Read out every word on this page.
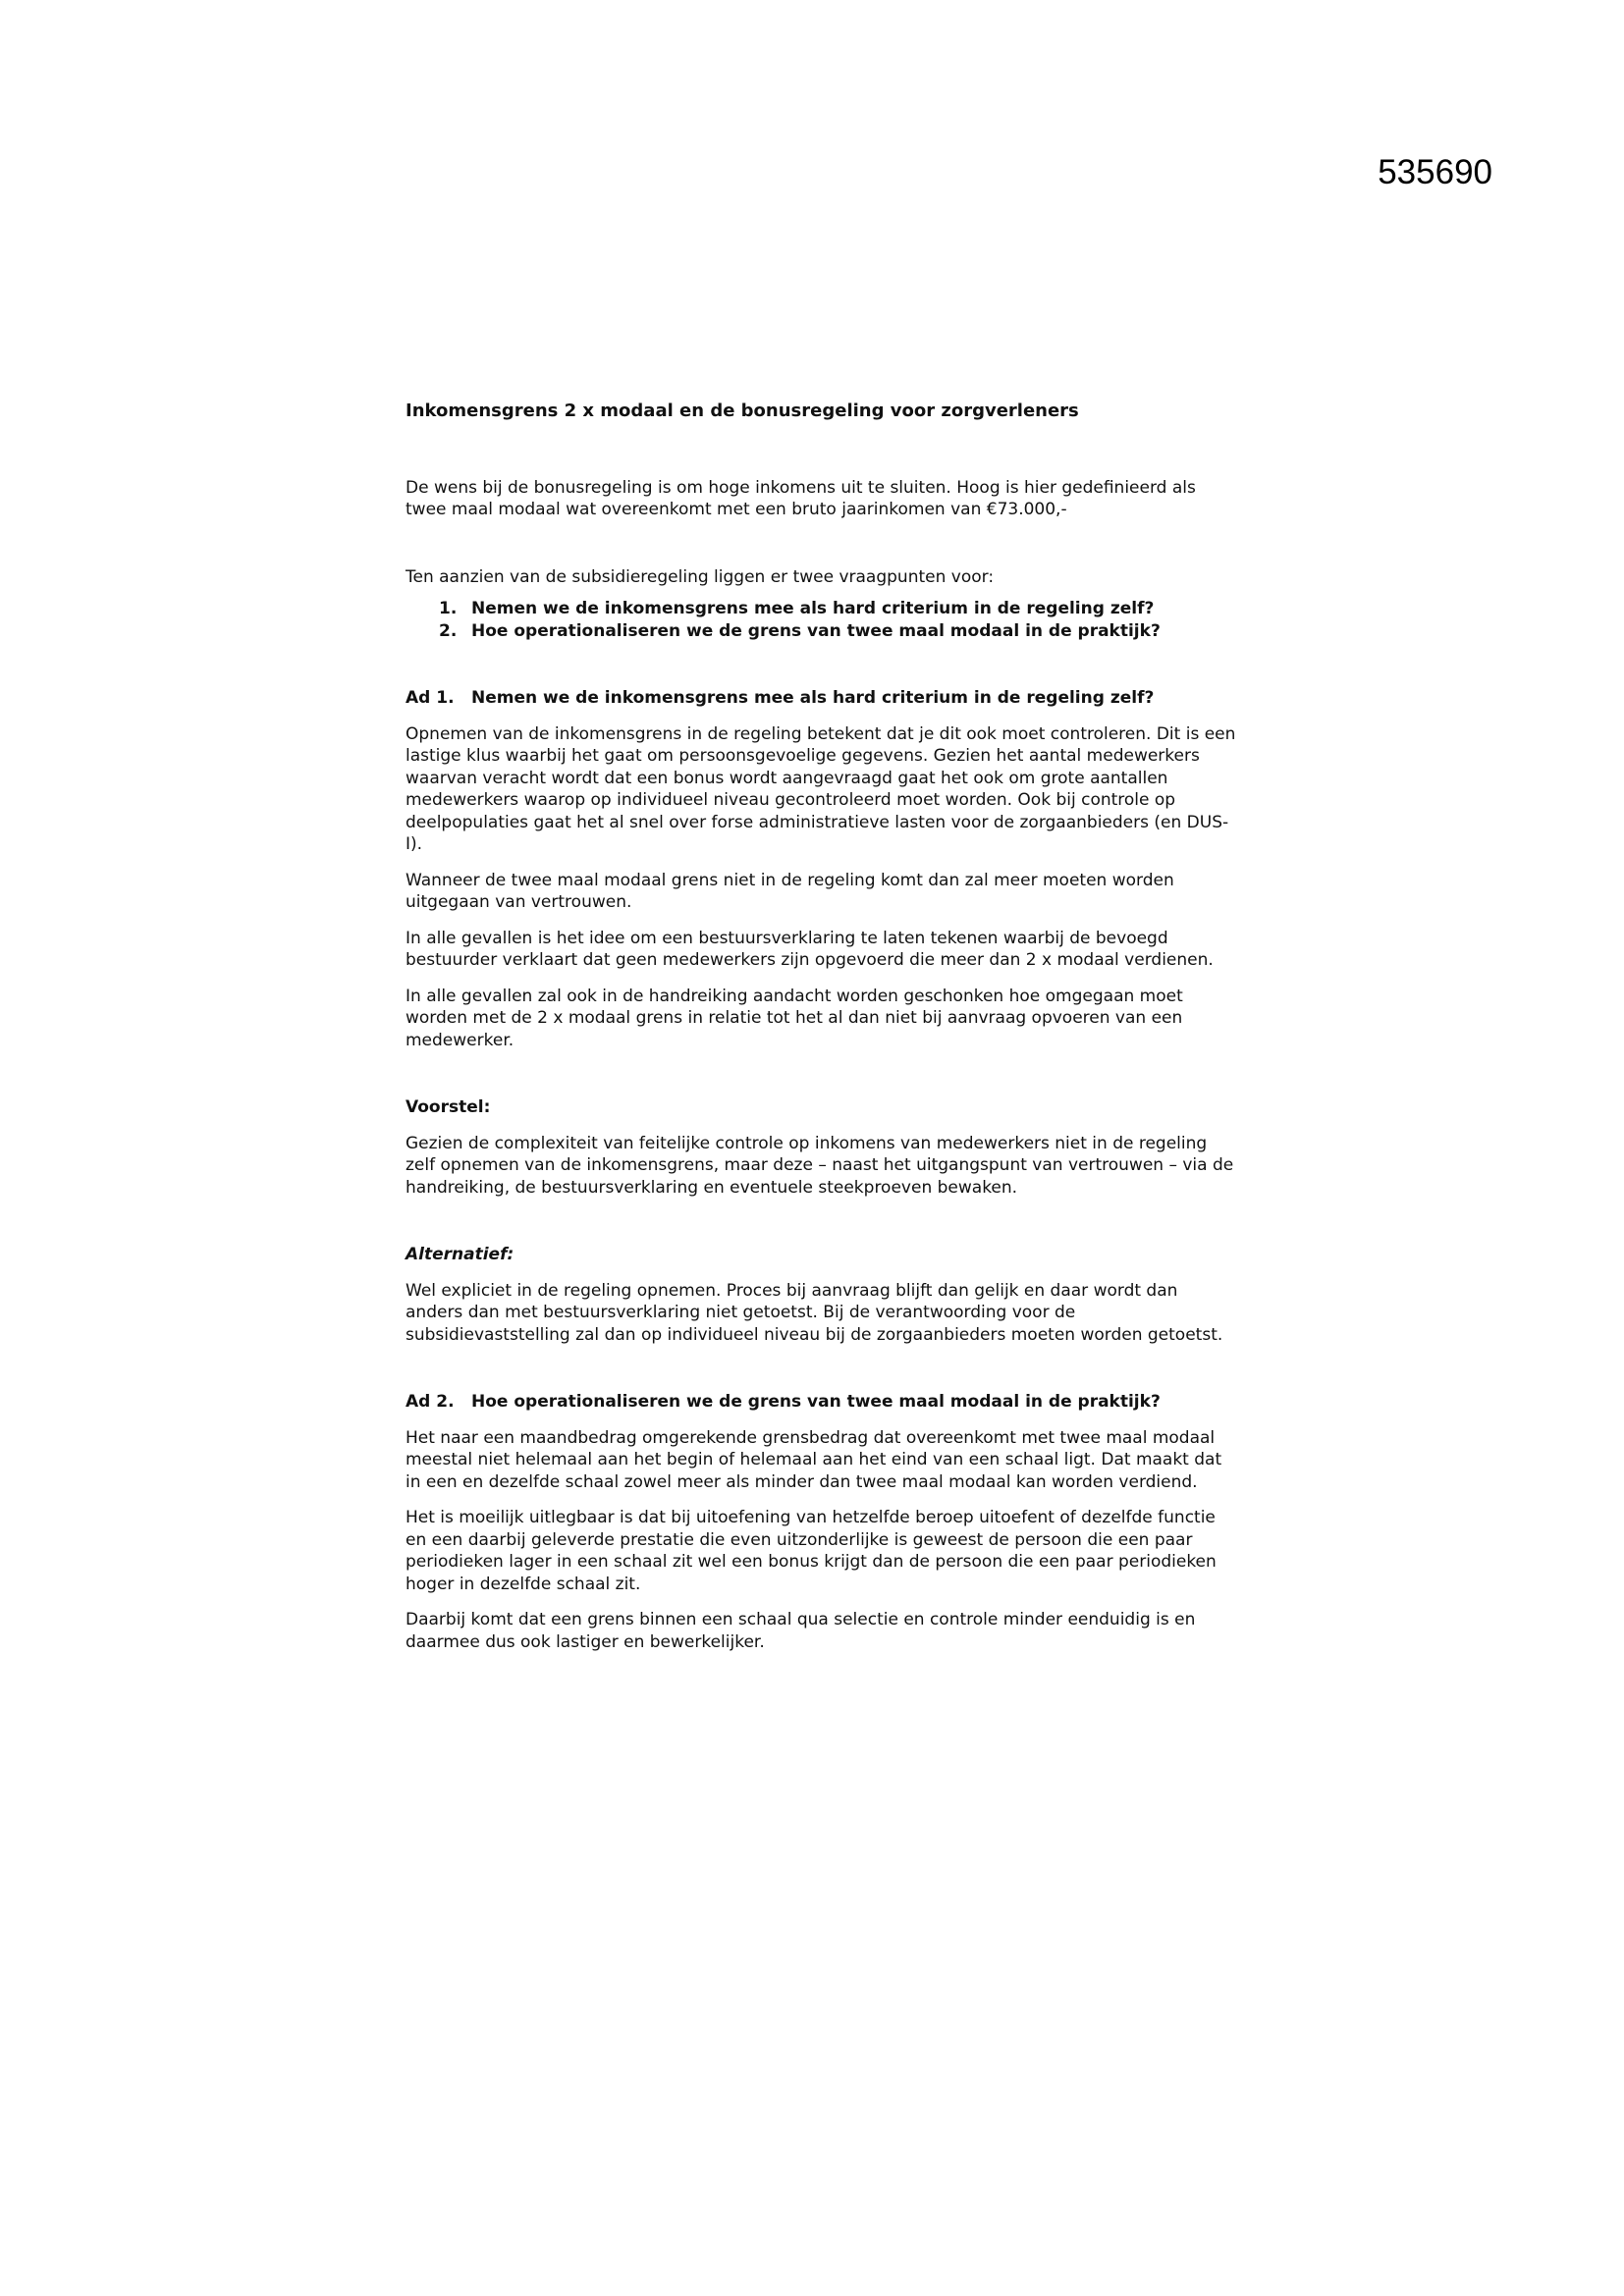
535690
Inkomensgrens 2 x modaal en de bonusregeling voor zorgverleners

De wens bij de bonusregeling is om hoge inkomens uit te sluiten. Hoog is hier gedefinieerd als twee maal modaal wat overeenkomt met een bruto jaarinkomen van €73.000,-

Ten aanzien van de subsidieregeling liggen er twee vraagpunten voor:

1. Nemen we de inkomensgrens mee als hard criterium in de regeling zelf?
2. Hoe operationaliseren we de grens van twee maal modaal in de praktijk?
Ad 1.	Nemen we de inkomensgrens mee als hard criterium in de regeling zelf?

Opnemen van de inkomensgrens in de regeling betekent dat je dit ook moet controleren. Dit is een lastige klus waarbij het gaat om persoonsgevoelige gegevens. Gezien het aantal medewerkers waarvan veracht wordt dat een bonus wordt aangevraagd gaat het ook om grote aantallen medewerkers waarop op individueel niveau gecontroleerd moet worden. Ook bij controle op deelpopulaties gaat het al snel over forse administratieve lasten voor de zorgaanbieders (en DUS-I).

Wanneer de twee maal modaal grens niet in de regeling komt dan zal meer moeten worden uitgegaan van vertrouwen.

In alle gevallen is het idee om een bestuursverklaring te laten tekenen waarbij de bevoegd bestuurder verklaart dat geen medewerkers zijn opgevoerd die meer dan 2 x modaal verdienen.

In alle gevallen zal ook in de handreiking aandacht worden geschonken hoe omgegaan moet worden met de 2 x modaal grens in relatie tot het al dan niet bij aanvraag opvoeren van een medewerker.

Voorstel:

Gezien de complexiteit van feitelijke controle op inkomens van medewerkers niet in de regeling zelf opnemen van de inkomensgrens, maar deze – naast het uitgangspunt van vertrouwen – via de handreiking, de bestuursverklaring en eventuele steekproeven bewaken.

Alternatief:

Wel expliciet in de regeling opnemen. Proces bij aanvraag blijft dan gelijk en daar wordt dan anders dan met bestuursverklaring niet getoetst. Bij de verantwoording voor de subsidievaststelling zal dan op individueel niveau bij de zorgaanbieders moeten worden getoetst.

Ad 2.	Hoe operationaliseren we de grens van twee maal modaal in de praktijk?

Het naar een maandbedrag omgerekende grensbedrag dat overeenkomt met twee maal modaal meestal niet helemaal aan het begin of helemaal aan het eind van een schaal ligt. Dat maakt dat in een en dezelfde schaal zowel meer als minder dan twee maal modaal kan worden verdiend.

Het is moeilijk uitlegbaar is dat bij uitoefening van hetzelfde beroep uitoefent of dezelfde functie en een daarbij geleverde prestatie die even uitzonderlijke is geweest de persoon die een paar periodieken lager in een schaal zit wel een bonus krijgt dan de persoon die een paar periodieken hoger in dezelfde schaal zit.

Daarbij komt dat een grens binnen een schaal qua selectie en controle minder eenduidig is en daarmee dus ook lastiger en bewerkelijker.
